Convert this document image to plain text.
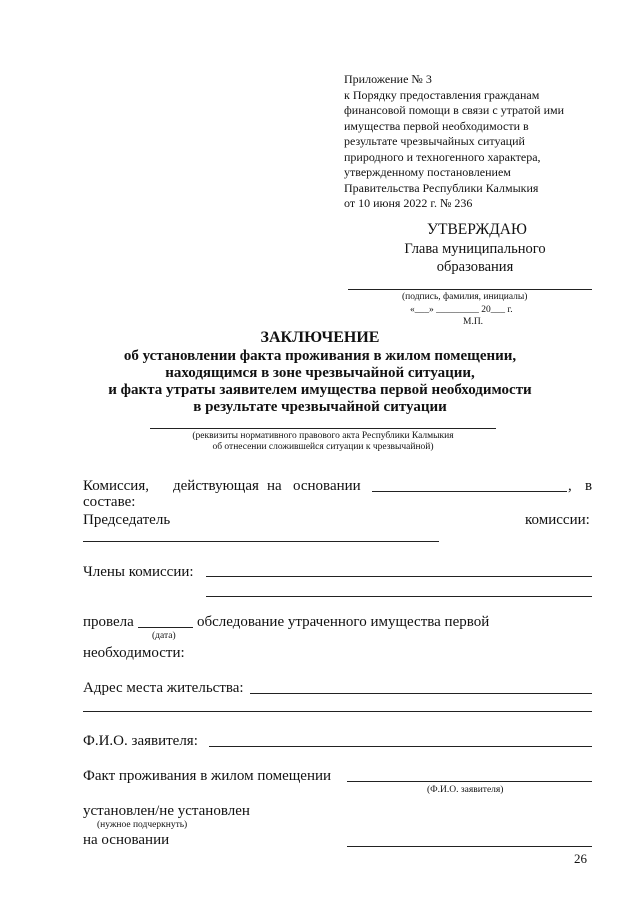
Приложение № 3
к Порядку предоставления гражданам
финансовой помощи в связи с утратой ими
имущества первой необходимости в
результате чрезвычайных ситуаций
природного и техногенного характера,
утвержденному постановлением
Правительства Республики Калмыкия
от 10 июня 2022 г. № 236
УТВЕРЖДАЮ
Глава муниципального
образования
(подпись, фамилия, инициалы)
«___» _________ 20___ г.
М.П.
ЗАКЛЮЧЕНИЕ
об установлении факта проживания в жилом помещении,
находящимся в зоне чрезвычайной ситуации,
и факта утраты заявителем имущества первой необходимости
в результате чрезвычайной ситуации
(реквизиты нормативного правового акта Республики Калмыкия
об отнесении сложившейся ситуации к чрезвычайной)
Комиссия, действующая на основании	, в
составе:
Председатель	комиссии:
Члены комиссии:
провела	обследование утраченного имущества первой
(дата)
необходимости:
Адрес места жительства:
Ф.И.О. заявителя:
Факт проживания в жилом помещении
(Ф.И.О. заявителя)
установлен/не установлен
(нужное подчеркнуть)
на основании
26
